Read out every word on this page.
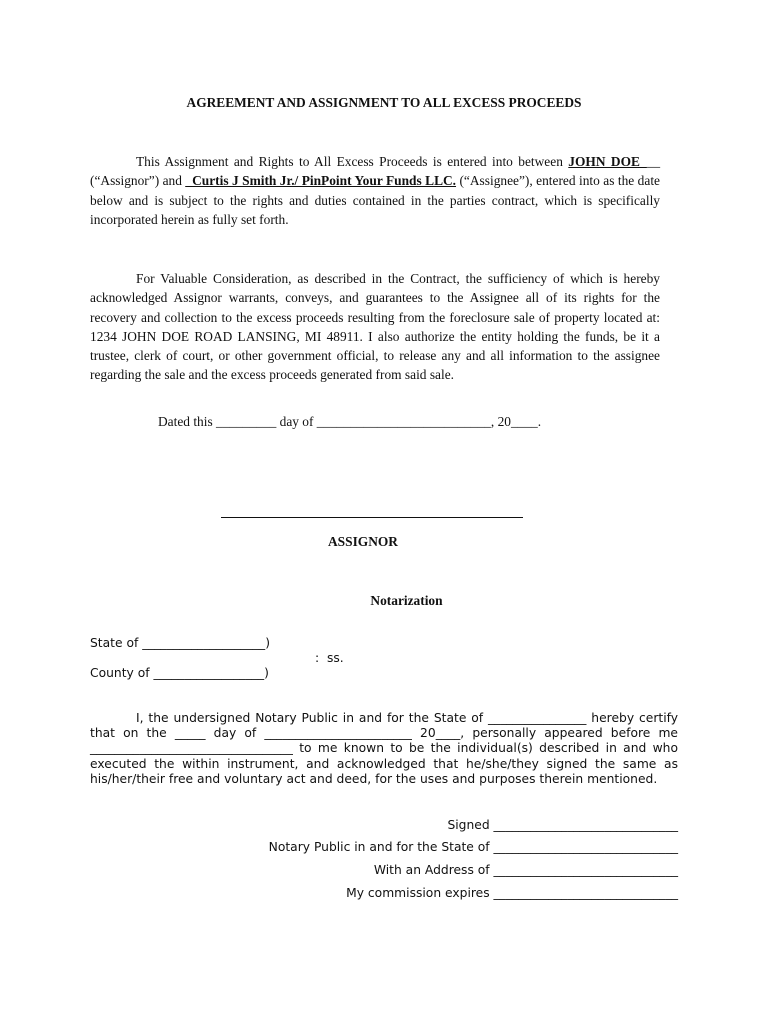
AGREEMENT AND ASSIGNMENT TO ALL EXCESS PROCEEDS

This Assignment and Rights to All Excess Proceeds is entered into between JOHN DOE___ (“Assignor”) and _Curtis J Smith Jr./ PinPoint Your Funds LLC. (“Assignee”), entered into as the date below and is subject to the rights and duties contained in the parties contract, which is specifically incorporated herein as fully set forth.

For Valuable Consideration, as described in the Contract, the sufficiency of which is hereby acknowledged Assignor warrants, conveys, and guarantees to the Assignee all of its rights for the recovery and collection to the excess proceeds resulting from the foreclosure sale of property located at: 1234 JOHN DOE ROAD LANSING, MI 48911. I also authorize the entity holding the funds, be it a trustee, clerk of court, or other government official, to release any and all information to the assignee regarding the sale and the excess proceeds generated from said sale.

Dated this _________ day of __________________________, 20____.
ASSIGNOR
Notarization
State of ____________________)
:  ss.
County of __________________)

I, the undersigned Notary Public in and for the State of ________________ hereby certify that on the _____ day of ________________________ 20____, personally appeared before me _________________________________ to me known to be the individual(s) described in and who executed the within instrument, and acknowledged that he/she/they signed the same as his/her/their free and voluntary act and deed, for the uses and purposes therein mentioned.

Signed ______________________________
Notary Public in and for the State of ______________________________
With an Address of ______________________________
My commission expires ______________________________
